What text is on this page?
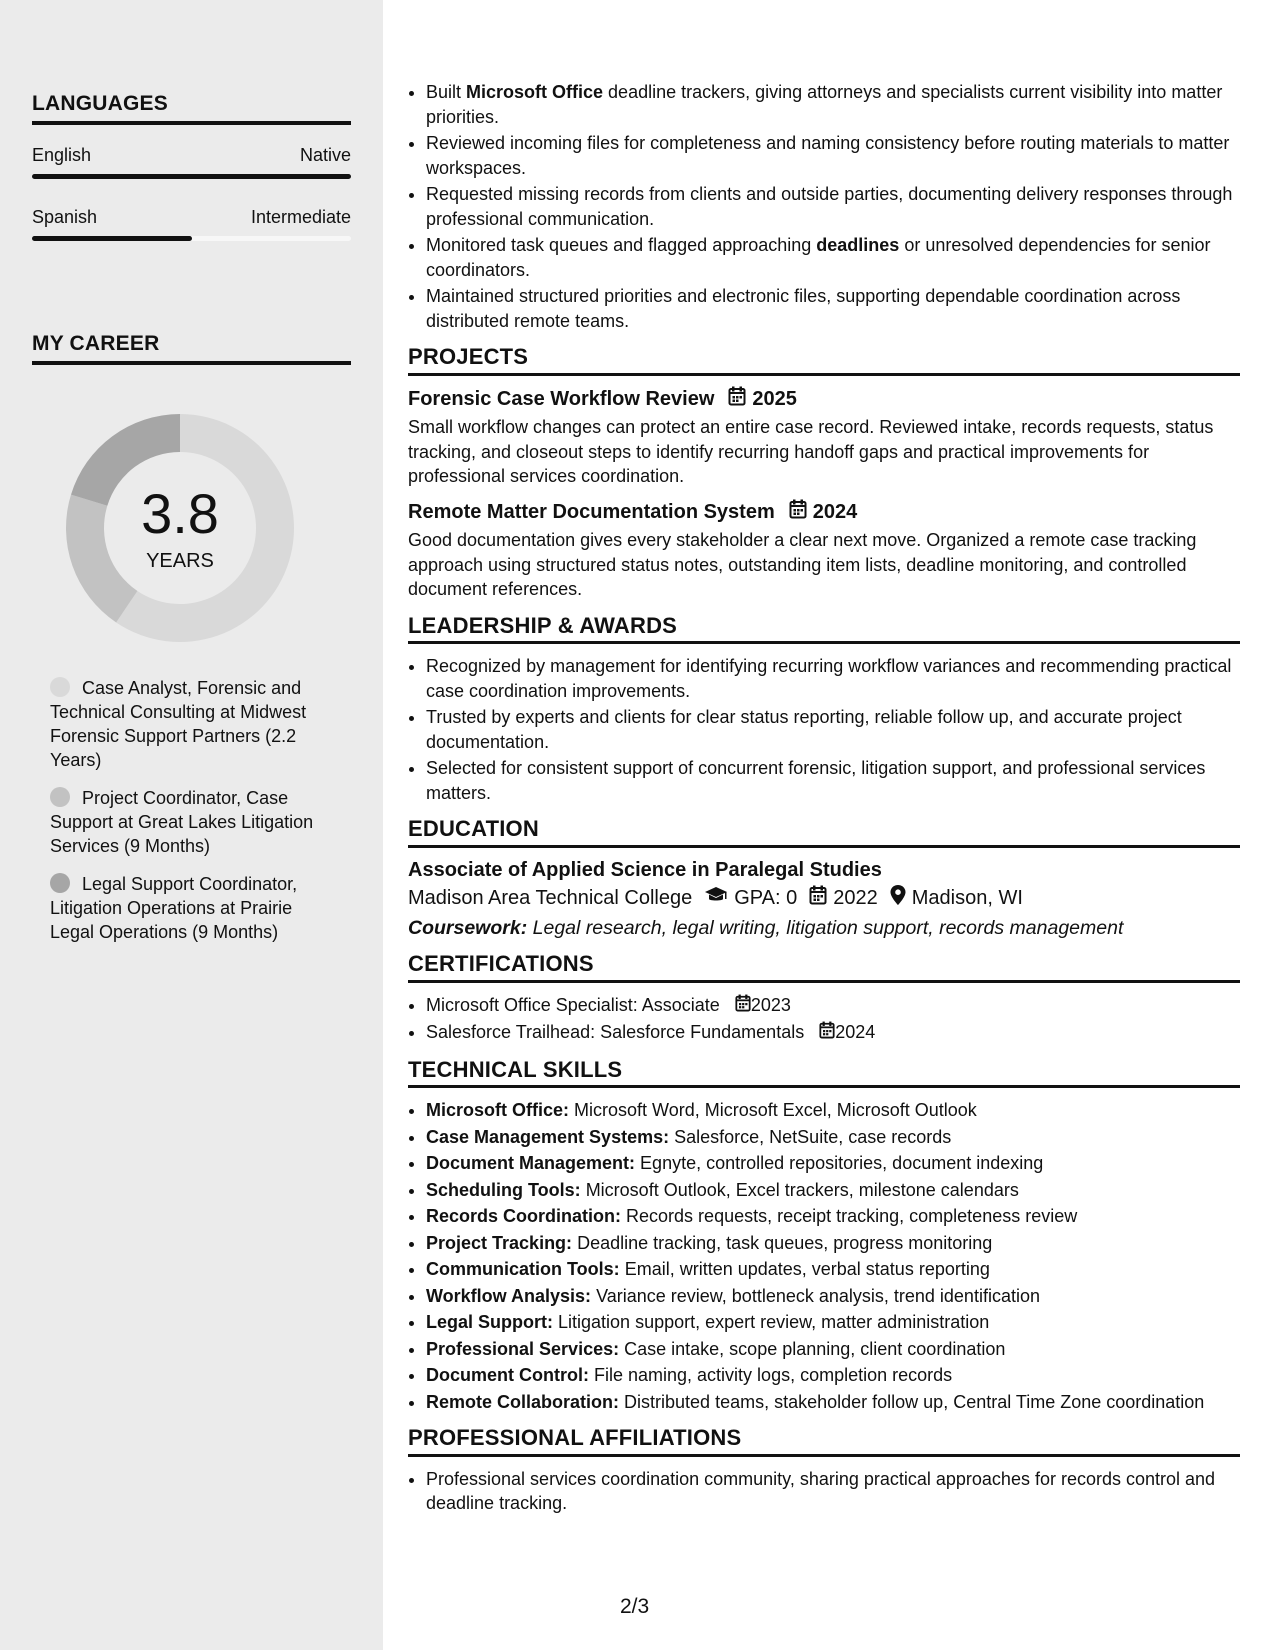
LANGUAGES
English	Native
Spanish	Intermediate
MY CAREER
3.8
YEARS
Case Analyst, Forensic and Technical Consulting at Midwest Forensic Support Partners (2.2 Years)
Project Coordinator, Case Support at Great Lakes Litigation Services (9 Months)
Legal Support Coordinator, Litigation Operations at Prairie Legal Operations (9 Months)
• Built Microsoft Office deadline trackers, giving attorneys and specialists current visibility into matter priorities.
• Reviewed incoming files for completeness and naming consistency before routing materials to matter workspaces.
• Requested missing records from clients and outside parties, documenting delivery responses through professional communication.
• Monitored task queues and flagged approaching deadlines or unresolved dependencies for senior coordinators.
• Maintained structured priorities and electronic files, supporting dependable coordination across distributed remote teams.
PROJECTS
Forensic Case Workflow Review 2025

Small workflow changes can protect an entire case record. Reviewed intake, records requests, status tracking, and closeout steps to identify recurring handoff gaps and practical improvements for professional services coordination.

Remote Matter Documentation System 2024

Good documentation gives every stakeholder a clear next move. Organized a remote case tracking approach using structured status notes, outstanding item lists, deadline monitoring, and controlled document references.

LEADERSHIP & AWARDS
• Recognized by management for identifying recurring workflow variances and recommending practical case coordination improvements.
• Trusted by experts and clients for clear status reporting, reliable follow up, and accurate project documentation.
• Selected for consistent support of concurrent forensic, litigation support, and professional services matters.
EDUCATION
Associate of Applied Science in Paralegal Studies
Madison Area Technical College GPA: 0 2022 Madison, WI
Coursework: Legal research, legal writing, litigation support, records management
CERTIFICATIONS
• Microsoft Office Specialist: Associate 2023
• Salesforce Trailhead: Salesforce Fundamentals 2024
TECHNICAL SKILLS
• Microsoft Office: Microsoft Word, Microsoft Excel, Microsoft Outlook
• Case Management Systems: Salesforce, NetSuite, case records
• Document Management: Egnyte, controlled repositories, document indexing
• Scheduling Tools: Microsoft Outlook, Excel trackers, milestone calendars
• Records Coordination: Records requests, receipt tracking, completeness review
• Project Tracking: Deadline tracking, task queues, progress monitoring
• Communication Tools: Email, written updates, verbal status reporting
• Workflow Analysis: Variance review, bottleneck analysis, trend identification
• Legal Support: Litigation support, expert review, matter administration
• Professional Services: Case intake, scope planning, client coordination
• Document Control: File naming, activity logs, completion records
• Remote Collaboration: Distributed teams, stakeholder follow up, Central Time Zone coordination
PROFESSIONAL AFFILIATIONS
• Professional services coordination community, sharing practical approaches for records control and deadline tracking.
2/3
